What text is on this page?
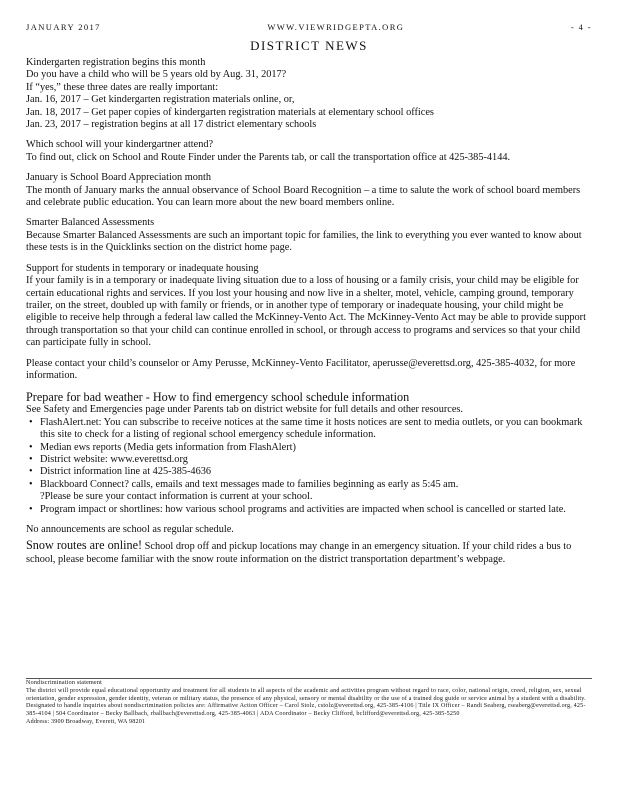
JANUARY 2017	WWW.VIEWRIDGEPTA.ORG	- 4 -
DISTRICT NEWS

Kindergarten registration begins this month

Do you have a child who will be 5 years old by Aug. 31, 2017?

If “yes,” these three dates are really important:

Jan. 16, 2017 – Get kindergarten registration materials online, or,

Jan. 18, 2017 – Get paper copies of kindergarten registration materials at elementary school offices

Jan. 23, 2017 – registration begins at all 17 district elementary schools

Which school will your kindergartner attend?

To find out, click on School and Route Finder under the Parents tab, or call the transportation office at 425-385-4144.

January is School Board Appreciation month

The month of January marks the annual observance of School Board Recognition – a time to salute the work of school board members and celebrate public education. You can learn more about the new board members online.

Smarter Balanced Assessments

Because Smarter Balanced Assessments are such an important topic for families, the link to everything you ever wanted to know about these tests is in the Quicklinks section on the district home page.

Support for students in temporary or inadequate housing

If your family is in a temporary or inadequate living situation due to a loss of housing or a family crisis, your child may be eligible for certain educational rights and services. If you lost your housing and now live in a shelter, motel, vehicle, camping ground, temporary trailer, on the street, doubled up with family or friends, or in another type of temporary or inadequate housing, your child might be eligible to receive help through a federal law called the McKinney-Vento Act. The McKinney-Vento Act may be able to provide support through transportation so that your child can continue enrolled in school, or through access to programs and services so that your child can participate fully in school.

Please contact your child’s counselor or Amy Perusse, McKinney-Vento Facilitator, aperusse@everettsd.org, 425-385-4032, for more information.

Prepare for bad weather - How to find emergency school schedule information

See Safety and Emergencies page under Parents tab on district website for full details and other resources.

• FlashAlert.net: You can subscribe to receive notices at the same time it hosts notices are sent to media outlets, or you can bookmark this site to check for a listing of regional school emergency schedule information.
• Median ews reports (Media gets information from FlashAlert)
• District website: www.everettsd.org
• District information line at 425-385-4636
• Blackboard Connect? calls, emails and text messages made to families beginning as early as 5:45 am.
?Please be sure your contact information is current at your school.
• Program impact or shortlines: how various school programs and activities are impacted when school is cancelled or started late.

No announcements are school as regular schedule.

Snow routes are online! School drop off and pickup locations may change in an emergency situation. If your child rides a bus to school, please become familiar with the snow route information on the district transportation department’s webpage.

Nondiscrimination statement

The district will provide equal educational opportunity and treatment for all students in all aspects of the academic and activities program without regard to race, color, national origin, creed, religion, sex, sexual orientation, gender expression, gender identity, veteran or military status, the presence of any physical, sensory or mental disability or the use of a trained dog guide or service animal by a student with a disability. Designated to handle inquiries about nondiscrimination policies are: Affirmative Action Officer – Carol Stolz, cstolz@everettsd.org, 425-385-4106 | Title IX Officer – Randi Seaberg, rseaberg@everettsd.org, 425-385-4104 | 504 Coordinator – Becky Ballbach, rballbach@everettsd.org, 425-385-4063 | ADA Coordinator – Becky Clifford, bclifford@everettsd.org, 425-385-5250

Address: 3900 Broadway, Everett, WA 98201
